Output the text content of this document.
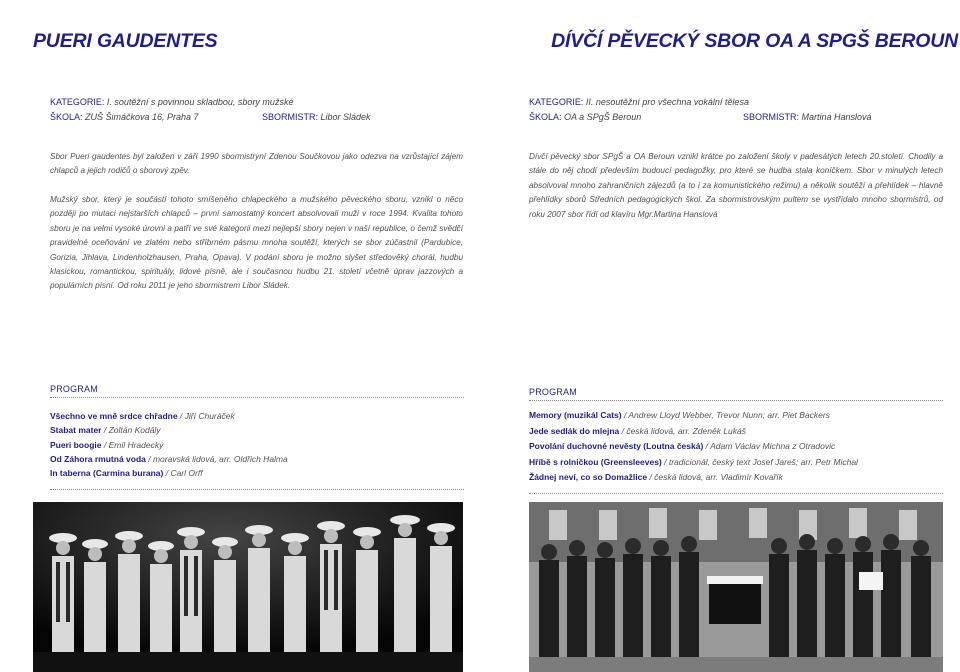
PUERI GAUDENTES
KATEGORIE: I. soutěžní s povinnou skladbou, sbory mužské
ŠKOLA: ZUŠ Šimáčkova 16, Praha 7	SBORMISTR: Libor Sládek

Sbor Pueri gaudentes byl založen v září 1990 sbormistryní Zdenou Součkovou jako odezva na vzrůstající zájem chlapců a jejich rodičů o sborový zpěv.

Mužský sbor, který je součástí tohoto smíšeného chlapeckého a mužského pěveckého sboru, vznikl o něco později po mutaci nejstarších chlapců – první samostatný koncert absolvovali muži v roce 1994. Kvalita tohoto sboru je na velmi vysoké úrovni a patří ve své kategorii mezi nejlepší sbory nejen v naší republice, o čemž svědčí pravidelné oceňování ve zlatém nebo stříbrném pásmu mnoha soutěží, kterých se sbor zúčastnil (Pardubice, Gorizia, Jihlava, Lindenholzhausen, Praha, Opava). V podání sboru je možno slyšet středověký chorál, hudbu klasickou, romantickou, spirituály, lidové písně, ale i současnou hudbu 21. století včetně úprav jazzových a populárních písní. Od roku 2011 je jeho sbormistrem Libor Sládek.

PROGRAM
Všechno ve mně srdce chřadne / Jiří Churáček
Stabat mater / Zoltán Kodály
Pueri boogie / Emil Hradecký
Od Záhora rmutná voda / moravská lidová, arr. Oldřich Halma
In taberna (Carmina burana) / Carl Orff
DÍVČÍ PĚVECKÝ SBOR OA A SPGŠ BEROUN
KATEGORIE: II. nesoutěžní pro všechna vokální tělesa
ŠKOLA: OA a SPgŠ Beroun	SBORMISTR: Martina Hanslová

Dívčí pěvecký sbor SPgŠ a OA Beroun vznikl krátce po založení školy v padesátých letech 20.století. Chodily a stále do něj chodí především budoucí pedagožky, pro které se hudba stala koníčkem. Sbor v minulých letech absolvoval mnoho zahraničních zájezdů (a to i za komunistického režimu) a několik soutěží a přehlídek – hlavně přehlídky sborů Středních pedagogických škol. Za sbormistrovským pultem se vystřídalo mnoho sbormistrů, od roku 2007 sbor řídí od klavíru Mgr.Martina Hanslová

PROGRAM
Memory (muzikál Cats) / Andrew Lloyd Webber, Trevor Nunn; arr. Piet Backers
Jede sedlák do mlejna / česká lidová, arr. Zdeněk Lukáš
Povolání duchovné nevěsty (Loutna česká) / Adam Václav Michna z Otradovic
Hříbě s rolničkou (Greensleeves) / tradicionál, český text Josef Jareš; arr. Petr Michal
Žádnej neví, co so Domažlice / česká lidová, arr. Vladimír Kovařík
